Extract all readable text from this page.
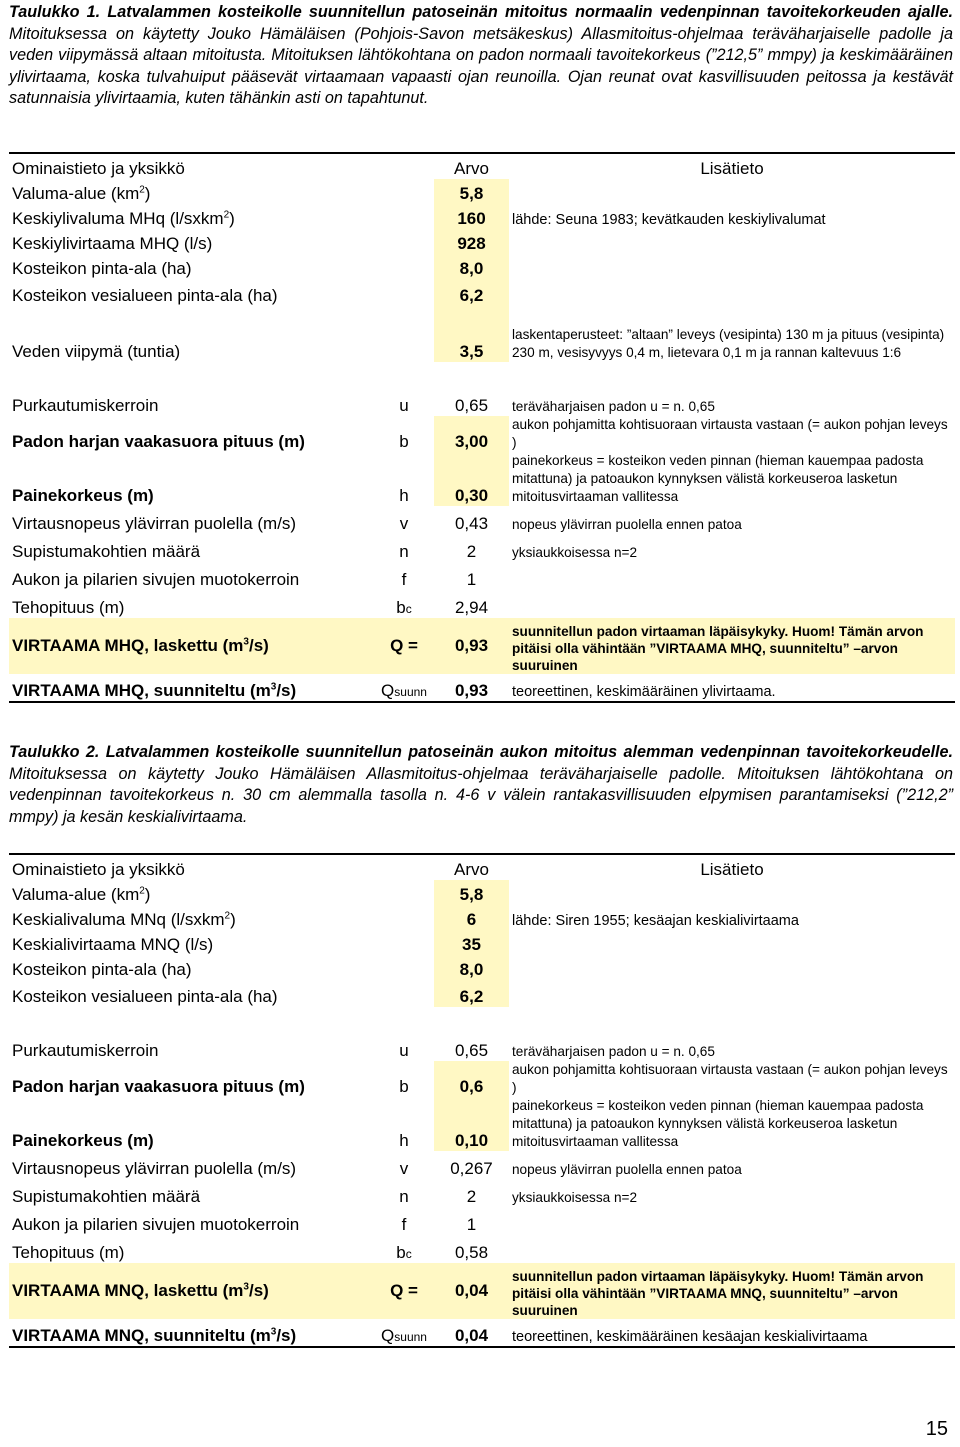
Taulukko 1. Latvalammen kosteikolle suunnitellun patoseinän mitoitus normaalin vedenpinnan tavoitekorkeuden ajalle. Mitoituksessa on käytetty Jouko Hämäläisen (Pohjois-Savon metsäkeskus) Allasmitoitus-ohjelmaa teräväharjaiselle padolle ja veden viipymässä altaan mitoitusta. Mitoituksen lähtökohtana on padon normaali tavoitekorkeus (”212,5” mmpy) ja keskimääräinen ylivirtaama, koska tulvahuiput pääsevät virtaamaan vapaasti ojan reunoilla. Ojan reunat ovat kasvillisuuden peitossa ja kestävät satunnaisia ylivirtaamia, kuten tähänkin asti on tapahtunut.
Ominaistieto ja yksikkö		Arvo	Lisätieto
Valuma-alue $(km^2)$		5,8	
Keskiylivaluma MHq (l/sxkm$^2$)		160	lähde: Seuna 1983; kevätkauden keskiylivalumat
Keskiylivirtaama MHQ (l/s)		928	
Kosteikon pinta-ala (ha)		8,0	
Kosteikon vesialueen pinta-ala (ha)		6,2	
Veden viipymä (tuntia)		3,5	laskentaperusteet: ”altaan” leveys (vesipinta) 130 m ja pituus (vesipinta) 230 m, vesisyvyys 0,4 m, lietevara 0,1 m ja rannan kaltevuus 1:6

Purkautumiskerroin	u	0,65	teräväharjaisen padon u = n. 0,65
Padon harjan vaakasuora pituus (m)	b	3,00	aukon pohjamitta kohtisuoraan virtausta vastaan (= aukon pohjan leveys )
Painekorkeus (m)	h	0,30	painekorkeus = kosteikon veden pinnan (hieman kauempaa padosta mitattuna) ja patoaukon kynnyksen välistä korkeuseroa lasketun mitoitusvirtaaman vallitessa
Virtausnopeus ylävirran puolella (m/s)	v	0,43	nopeus ylävirran puolella ennen patoa
Supistumakohtien määrä	n	2	yksiaukkoisessa n=2
Aukon ja pilarien sivujen muotokerroin	f	1	
Tehopituus (m)	bc	2,94	
VIRTAAMA MHQ, laskettu $(m^3/s)$	Q =	0,93	suunnitellun padon virtaaman läpäisykyky. Huom! Tämän arvon pitäisi olla vähintään ”VIRTAAMA MHQ, suunniteltu” –arvon suuruinen
VIRTAAMA MHQ, suunniteltu $(m^3/s)$	Qsuunn	0,93	teoreettinen, keskimääräinen ylivirtaama.
Taulukko 2. Latvalammen kosteikolle suunnitellun patoseinän aukon mitoitus alemman vedenpinnan tavoitekorkeudelle. Mitoituksessa on käytetty Jouko Hämäläisen Allasmitoitus-ohjelmaa teräväharjaiselle padolle. Mitoituksen lähtökohtana on vedenpinnan tavoitekorkeus n. 30 cm alemmalla tasolla n. 4-6 v välein rantakasvillisuuden elpymisen parantamiseksi (”212,2” mmpy) ja kesän keskialivirtaama.
Ominaistieto ja yksikkö		Arvo	Lisätieto
Valuma-alue $(km^2)$		5,8	
Keskialivaluma MNq (l/sxkm$^2$)		6	lähde: Siren 1955; kesäajan keskialivirtaama
Keskialivirtaama MNQ (l/s)		35	
Kosteikon pinta-ala (ha)		8,0	
Kosteikon vesialueen pinta-ala (ha)		6,2	

Purkautumiskerroin	u	0,65	teräväharjaisen padon u = n. 0,65
Padon harjan vaakasuora pituus (m)	b	0,6	aukon pohjamitta kohtisuoraan virtausta vastaan (= aukon pohjan leveys )
Painekorkeus (m)	h	0,10	painekorkeus = kosteikon veden pinnan (hieman kauempaa padosta mitattuna) ja patoaukon kynnyksen välistä korkeuseroa lasketun mitoitusvirtaaman vallitessa
Virtausnopeus ylävirran puolella (m/s)	v	0,267	nopeus ylävirran puolella ennen patoa
Supistumakohtien määrä	n	2	yksiaukkoisessa n=2
Aukon ja pilarien sivujen muotokerroin	f	1	
Tehopituus (m)	bc	0,58	
VIRTAAMA MNQ, laskettu $(m^3/s)$	Q =	0,04	suunnitellun padon virtaaman läpäisykyky. Huom! Tämän arvon pitäisi olla vähintään ”VIRTAAMA MNQ, suunniteltu” –arvon suuruinen
VIRTAAMA MNQ, suunniteltu $(m^3/s)$	Qsuunn	0,04	teoreettinen, keskimääräinen kesäajan keskialivirtaama
15
